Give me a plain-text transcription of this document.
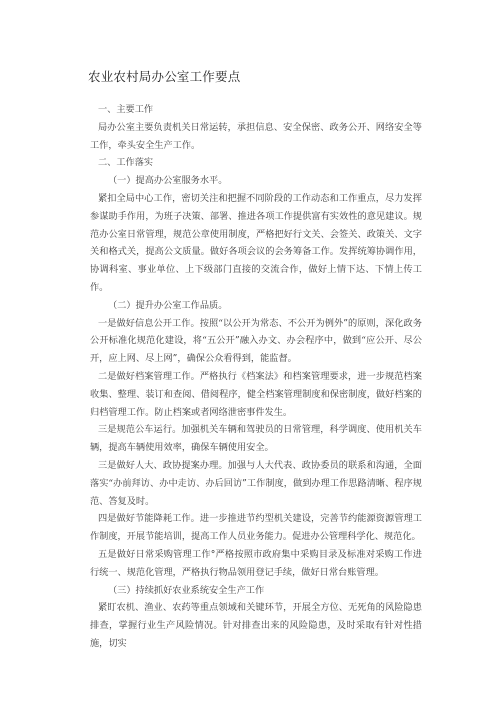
农业农村局办公室工作要点

一、主要工作

局办公室主要负责机关日常运转，承担信息、安全保密、政务公开、网络安全等工作，牵头安全生产工作。

二、工作落实

（一）提高办公室服务水平。

紧扣全局中心工作，密切关注和把握不同阶段的工作动态和工作重点，尽力发挥参谋助手作用，为班子决策、部署、推进各项工作提供富有实效性的意见建议。规范办公室日常管理，规范公章使用制度，严格把好行文关、会签关、政策关、文字关和格式关，提高公文质量。做好各项会议的会务筹备工作。发挥统筹协调作用，协调科室、事业单位、上下级部门直接的交流合作，做好上情下达、下情上传工作。

（二）提升办公室工作品质。

一是做好信息公开工作。按照“以公开为常态、不公开为例外”的原则，深化政务公开标准化规范化建设，将“五公开”融入办文、办会程序中，做到“应公开、尽公开，应上网、尽上网”，确保公众看得到，能监督。

二是做好档案管理工作。严格执行《档案法》和档案管理要求，进一步规范档案收集、整理、装订和查阅、借阅程序，健全档案管理制度和保密制度，做好档案的归档管理工作。防止档案或者网络泄密事件发生。

三是规范公车运行。加强机关车辆和驾驶员的日常管理，科学调度、使用机关车辆，提高车辆使用效率，确保车辆使用安全。

三是做好人大、政协提案办理。加强与人大代表、政协委员的联系和沟通，全面落实“办前拜访、办中走访、办后回访”工作制度，做到办理工作思路清晰、程序规范、答复及时。

四是做好节能降耗工作。进一步推进节约型机关建设，完善节约能源资源管理工作制度，开展节能培训，提高工作人员业务能力。促进办公管理科学化、规范化。

五是做好日常采购管理工作°严格按照市政府集中采购目录及标准对采购工作进行统一、规范化管理，严格执行物品领用登记手续，做好日常台账管理。

（三）持续抓好农业系统安全生产工作

紧盯农机、渔业、农药等重点领域和关键环节，开展全方位、无死角的风险隐患排查，掌握行业生产风险情况。针对排查出来的风险隐患，及时采取有针对性措施，切实
